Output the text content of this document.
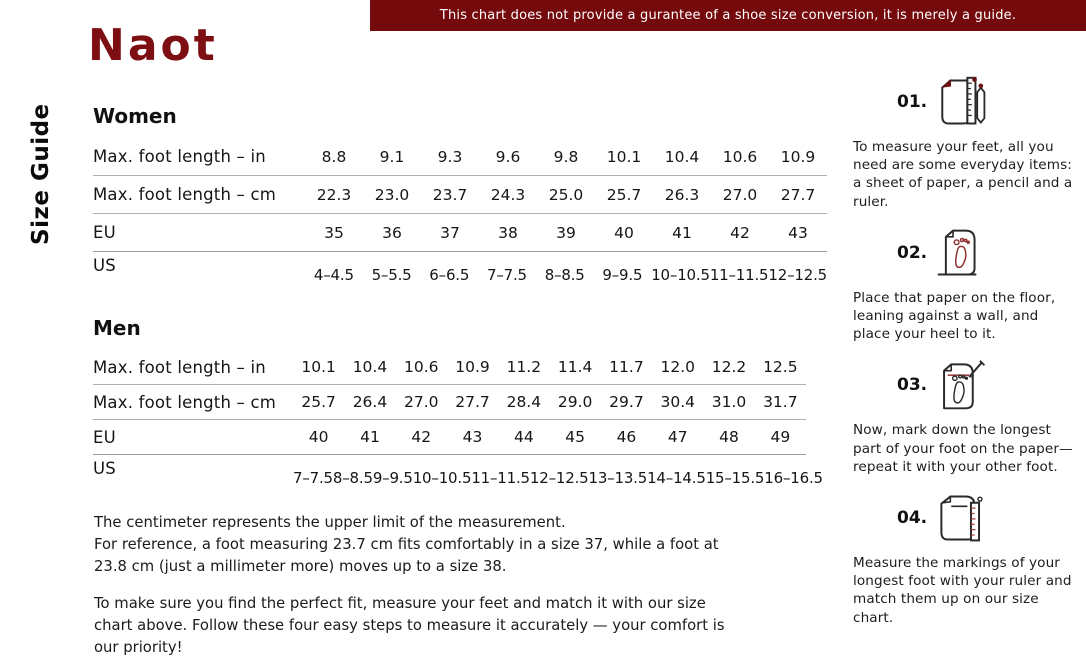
This chart does not provide a gurantee of a shoe size conversion, it is merely a guide.
Naot
Size Guide Women
Max. foot length – in	8.8	9.1	9.3	9.6	9.8	10.1	10.4	10.6	10.9
Max. foot length – cm	22.3	23.0	23.7	24.3	25.0	25.7	26.3	27.0	27.7
EU	35	36	37	38	39	40	41	42	43
US	4–4.5	5–5.5	6–6.5	7–7.5	8–8.5	9–9.5 10–10.5 11–11.5 12–12.5
Men
Max. foot length – in	10.1	10.4	10.6	10.9	11.2	11.4	11.7	12.0	12.2	12.5
Max. foot length – cm	25.7	26.4	27.0	27.7	28.4	29.0	29.7	30.4	31.0	31.7
EU	40	41	42	43	44	45	46	47	48	49
US	7–7.5 8–8.5 9–9.5 10–10.5 11–11.5 12–12.5 13–13.5 14–14.5 15–15.5 16–16.5
The centimeter represents the upper limit of the measurement.
For reference, a foot measuring 23.7 cm fits comfortably in a size 37, while a foot at 23.8 cm (just a millimeter more) moves up to a size 38.
To make sure you find the perfect fit, measure your feet and match it with our size chart above. Follow these four easy steps to measure it accurately — your comfort is our priority!
01.
To measure your feet, all you need are some everyday items: a sheet of paper, a pencil and a ruler.
02.
Place that paper on the floor, leaning against a wall, and place your heel to it.
03.
Now, mark down the longest part of your foot on the paper—repeat it with your other foot.
04.
Measure the markings of your longest foot with your ruler and match them up on our size chart.
